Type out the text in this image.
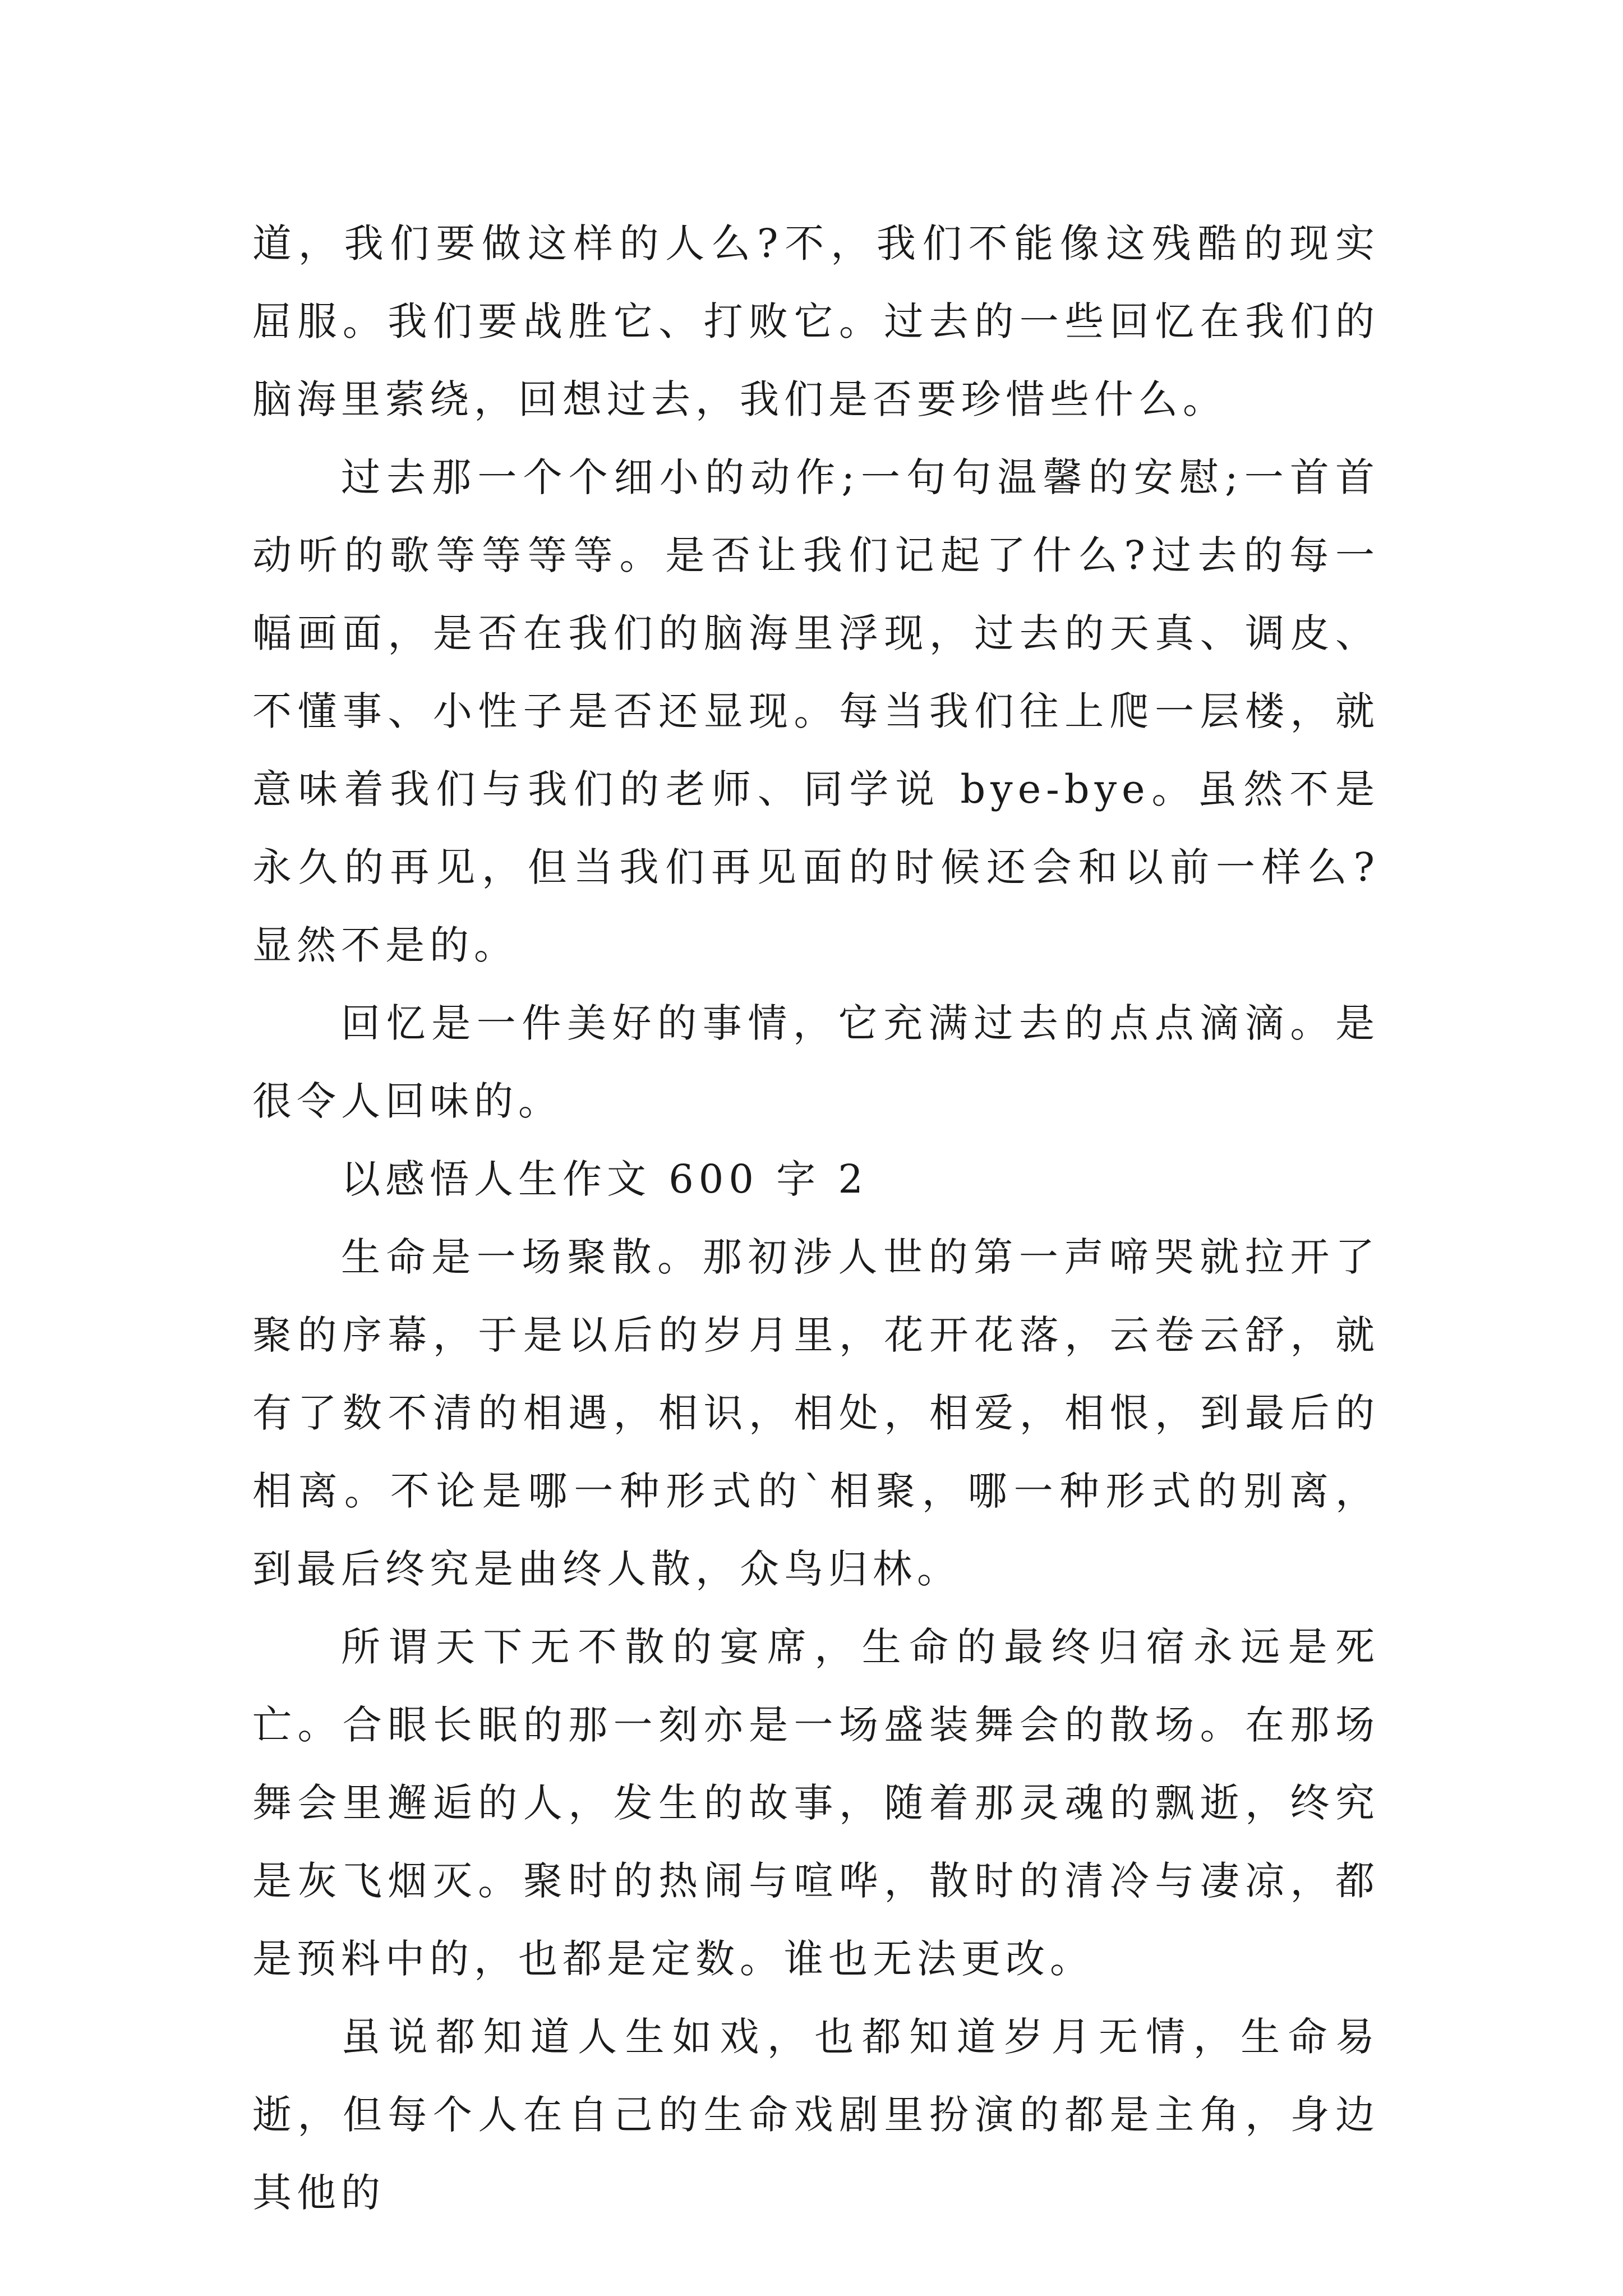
道，我们要做这样的人么?不，我们不能像这残酷的现实屈服。我们要战胜它、打败它。过去的一些回忆在我们的脑海里萦绕，回想过去，我们是否要珍惜些什么。

过去那一个个细小的动作;一句句温馨的安慰;一首首动听的歌等等等等。是否让我们记起了什么?过去的每一幅画面，是否在我们的脑海里浮现，过去的天真、调皮、不懂事、小性子是否还显现。每当我们往上爬一层楼，就意味着我们与我们的老师、同学说 bye-bye。虽然不是永久的再见，但当我们再见面的时候还会和以前一样么?显然不是的。

回忆是一件美好的事情，它充满过去的点点滴滴。是很令人回味的。

以感悟人生作文 600 字 2

生命是一场聚散。那初涉人世的第一声啼哭就拉开了聚的序幕，于是以后的岁月里，花开花落，云卷云舒，就有了数不清的相遇，相识，相处，相爱，相恨，到最后的相离。不论是哪一种形式的`相聚，哪一种形式的别离，到最后终究是曲终人散，众鸟归林。

所谓天下无不散的宴席，生命的最终归宿永远是死亡。合眼长眠的那一刻亦是一场盛装舞会的散场。在那场舞会里邂逅的人，发生的故事，随着那灵魂的飘逝，终究是灰飞烟灭。聚时的热闹与喧哗，散时的清冷与凄凉，都是预料中的，也都是定数。谁也无法更改。

虽说都知道人生如戏，也都知道岁月无情，生命易逝，但每个人在自己的生命戏剧里扮演的都是主角，身边其他的
